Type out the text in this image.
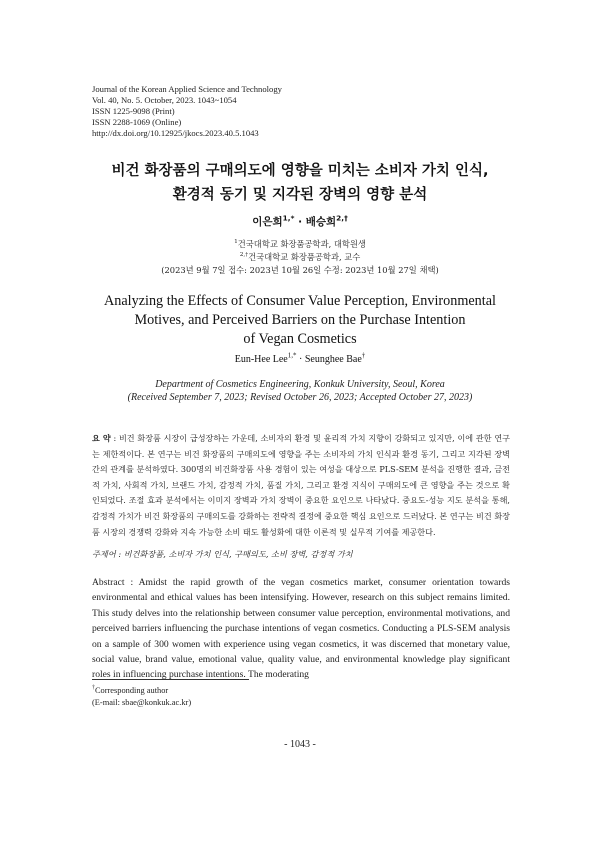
Journal of the Korean Applied Science and Technology
Vol. 40, No. 5. October, 2023. 1043~1054
ISSN 1225-9098 (Print)
ISSN 2288-1069 (Online)
http://dx.doi.org/10.12925/jkocs.2023.40.5.1043
비건 화장품의 구매의도에 영향을 미치는 소비자 가치 인식,
환경적 동기 및 지각된 장벽의 영향 분석
이은희$^{1,*}$ · 배승희$^{2,\dagger}$
$^1$건국대학교 화장품공학과, 대학원생
$^{2,\dagger}$건국대학교 화장품공학과, 교수
(2023년 9월 7일 접수: 2023년 10월 26일 수정: 2023년 10월 27일 채택)
Analyzing the Effects of Consumer Value Perception, Environmental
Motives, and Perceived Barriers on the Purchase Intention
of Vegan Cosmetics
Eun-Hee Lee$^{1,*}$ · Seunghee Bae†
Department of Cosmetics Engineering, Konkuk University, Seoul, Korea
(Received September 7, 2023; Revised October 26, 2023; Accepted October 27, 2023)
요 약 : 비건 화장품 시장이 급성장하는 가운데, 소비자의 환경 및 윤리적 가치 지향이 강화되고 있지만, 이에 관한 연구는 제한적이다. 본 연구는 비건 화장품의 구매의도에 영향을 주는 소비자의 가치 인식과 환경 동기, 그리고 지각된 장벽 간의 관계를 분석하였다. 300명의 비건화장품 사용 경험이 있는 여성을 대상으로 PLS-SEM 분석을 진행한 결과, 금전적 가치, 사회적 가치, 브랜드 가치, 감정적 가치, 품질 가치, 그리고 환경 지식이 구매의도에 큰 영향을 주는 것으로 확인되었다. 조절 효과 분석에서는 이미지 장벽과 가치 장벽이 중요한 요인으로 나타났다. 중요도-성능 지도 분석을 통해, 감정적 가치가 비건 화장품의 구매의도를 강화하는 전략적 결정에 중요한 핵심 요인으로 드러났다. 본 연구는 비건 화장품 시장의 경쟁력 강화와 지속 가능한 소비 태도 활성화에 대한 이론적 및 실무적 기여를 제공한다.
주제어 : 비건화장품, 소비자 가치 인식, 구매의도, 소비 장벽, 감정적 가치
Abstract : Amidst the rapid growth of the vegan cosmetics market, consumer orientation towards environmental and ethical values has been intensifying. However, research on this subject remains limited. This study delves into the relationship between consumer value perception, environmental motivations, and perceived barriers influencing the purchase intentions of vegan cosmetics. Conducting a PLS-SEM analysis on a sample of 300 women with experience using vegan cosmetics, it was discerned that monetary value, social value, brand value, emotional value, quality value, and environmental knowledge play significant roles in influencing purchase intentions. The moderating
†Corresponding author
(E-mail: sbae@konkuk.ac.kr)
- 1043 -
